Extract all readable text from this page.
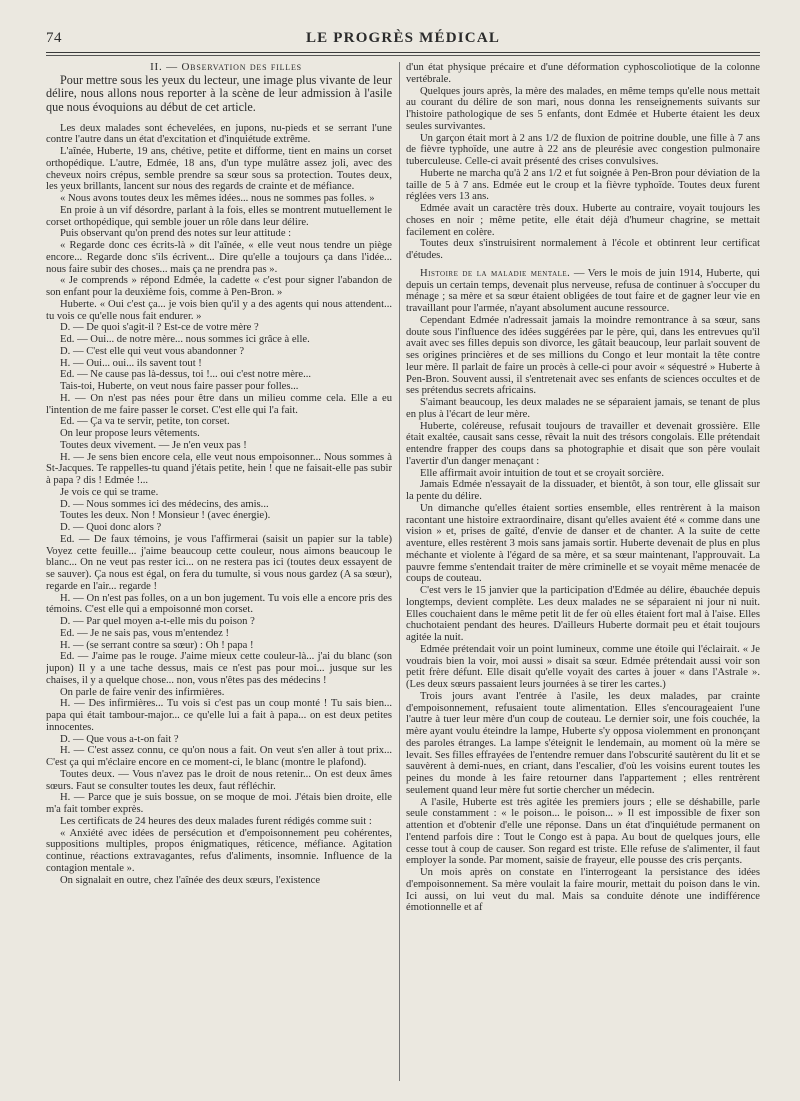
74	LE PROGRÈS MÉDICAL

II. — Observation des filles

Pour mettre sous les yeux du lecteur, une image plus vivante de leur délire, nous allons nous reporter à la scène de leur admission à l'asile que nous évoquions au début de cet article.

Les deux malades sont échevelées, en jupons, nu-pieds et se serrant l'une contre l'autre dans un état d'excitation et d'inquiétude extrême.

L'aînée, Huberte, 19 ans, chétive, petite et difforme, tient en mains un corset orthopédique. L'autre, Edmée, 18 ans, d'un type mulâtre assez joli, avec des cheveux noirs crépus, semble prendre sa sœur sous sa protection. Toutes deux, les yeux brillants, lancent sur nous des regards de crainte et de méfiance.

« Nous avons toutes deux les mêmes idées... nous ne sommes pas folles. »

En proie à un vif désordre, parlant à la fois, elles se montrent mutuellement le corset orthopédique, qui semble jouer un rôle dans leur délire.

Puis observant qu'on prend des notes sur leur attitude :

« Regarde donc ces écrits-là » dit l'aînée, « elle veut nous tendre un piège encore... Regarde donc s'ils écrivent... Dire qu'elle a toujours ça dans l'idée... nous faire subir des choses... mais ça ne prendra pas ».

« Je comprends » répond Edmée, la cadette « c'est pour signer l'abandon de son enfant pour la deuxième fois, comme à Pen-Bron. »

Huberte. « Oui c'est ça... je vois bien qu'il y a des agents qui nous attendent... tu vois ce qu'elle nous fait endurer. »

D. — De quoi s'agit-il ? Est-ce de votre mère ?

Ed. — Oui... de notre mère... nous sommes ici grâce à elle.

D. — C'est elle qui veut vous abandonner ?

H. — Oui... oui... ils savent tout !

Ed. — Ne cause pas là-dessus, toi !... oui c'est notre mère...

Tais-toi, Huberte, on veut nous faire passer pour folles...

H. — On n'est pas nées pour être dans un milieu comme cela. Elle a eu l'intention de me faire passer le corset. C'est elle qui l'a fait.

Ed. — Ça va te servir, petite, ton corset.

On leur propose leurs vêtements.

Toutes deux vivement. — Je n'en veux pas !

H. — Je sens bien encore cela, elle veut nous empoisonner... Nous sommes à St-Jacques. Te rappelles-tu quand j'étais petite, hein ! que ne faisait-elle pas subir à papa ? dis ! Edmée !...

Je vois ce qui se trame.

D. — Nous sommes ici des médecins, des amis...

Toutes les deux. Non ! Monsieur ! (avec énergie).

D. — Quoi donc alors ?

Ed. — De faux témoins, je vous l'affirmerai (saisit un papier sur la table) Voyez cette feuille... j'aime beaucoup cette couleur, nous aimons beaucoup le blanc... On ne veut pas rester ici... on ne restera pas ici (toutes deux essayent de se sauver). Ça nous est égal, on fera du tumulte, si vous nous gardez (A sa sœur), regarde en l'air... regarde !

H. — On n'est pas folles, on a un bon jugement. Tu vois elle a encore pris des témoins. C'est elle qui a empoisonné mon corset.

D. — Par quel moyen a-t-elle mis du poison ?

Ed. — Je ne sais pas, vous m'entendez !

H. — (se serrant contre sa sœur) : Oh ! papa !

Ed. — J'aime pas le rouge. J'aime mieux cette couleur-là... j'ai du blanc (son jupon) Il y a une tache dessus, mais ce n'est pas pour moi... jusque sur les chaises, il y a quelque chose... non, vous n'êtes pas des médecins !

On parle de faire venir des infirmières.

H. — Des infirmières... Tu vois si c'est pas un coup monté ! Tu sais bien... papa qui était tambour-major... ce qu'elle lui a fait à papa... on est deux petites innocentes.

D. — Que vous a-t-on fait ?

H. — C'est assez connu, ce qu'on nous a fait. On veut s'en aller à tout prix... C'est ça qui m'éclaire encore en ce moment-ci, le blanc (montre le plafond).

Toutes deux. — Vous n'avez pas le droit de nous retenir... On est deux âmes sœurs. Faut se consulter toutes les deux, faut réfléchir.

H. — Parce que je suis bossue, on se moque de moi. J'étais bien droite, elle m'a fait tomber exprès.

Les certificats de 24 heures des deux malades furent rédigés comme suit :

« Anxiété avec idées de persécution et d'empoisonnement peu cohérentes, suppositions multiples, propos énigmatiques, réticence, méfiance. Agitation continue, réactions extravagantes, refus d'aliments, insomnie. Influence de la contagion mentale ».

On signalait en outre, chez l'aînée des deux sœurs, l'existence

d'un état physique précaire et d'une déformation cyphoscoliotique de la colonne vertébrale.

Quelques jours après, la mère des malades, en même temps qu'elle nous mettait au courant du délire de son mari, nous donna les renseignements suivants sur l'histoire pathologique de ses 5 enfants, dont Edmée et Huberte étaient les deux seules survivantes.

Un garçon était mort à 2 ans 1/2 de fluxion de poitrine double, une fille à 7 ans de fièvre typhoïde, une autre à 22 ans de pleurésie avec congestion pulmonaire tuberculeuse. Celle-ci avait présenté des crises convulsives.

Huberte ne marcha qu'à 2 ans 1/2 et fut soignée à Pen-Bron pour déviation de la taille de 5 à 7 ans. Edmée eut le croup et la fièvre typhoïde. Toutes deux furent réglées vers 13 ans.

Edmée avait un caractère très doux. Huberte au contraire, voyait toujours les choses en noir ; même petite, elle était déjà d'humeur chagrine, se mettait facilement en colère.

Toutes deux s'instruisirent normalement à l'école et obtinrent leur certificat d'études.

Histoire de la maladie mentale. — Vers le mois de juin 1914, Huberte, qui depuis un certain temps, devenait plus nerveuse, refusa de continuer à s'occuper du ménage ; sa mère et sa sœur étaient obligées de tout faire et de gagner leur vie en travaillant pour l'armée, n'ayant absolument aucune ressource.

Cependant Edmée n'adressait jamais la moindre remontrance à sa sœur, sans doute sous l'influence des idées suggérées par le père, qui, dans les entrevues qu'il avait avec ses filles depuis son divorce, les gâtait beaucoup, leur parlait souvent de ses origines princières et de ses millions du Congo et leur montait la tête contre leur mère. Il parlait de faire un procès à celle-ci pour avoir « séquestré » Huberte à Pen-Bron. Souvent aussi, il s'entretenait avec ses enfants de sciences occultes et de ses prétendus secrets africains.

S'aimant beaucoup, les deux malades ne se séparaient jamais, se tenant de plus en plus à l'écart de leur mère.

Huberte, coléreuse, refusait toujours de travailler et devenait grossière. Elle était exaltée, causait sans cesse, rêvait la nuit des trésors congolais. Elle prétendait entendre frapper des coups dans sa photographie et disait que son père voulait l'avertir d'un danger menaçant :

Elle affirmait avoir intuition de tout et se croyait sorcière.

Jamais Edmée n'essayait de la dissuader, et bientôt, à son tour, elle glissait sur la pente du délire.

Un dimanche qu'elles étaient sorties ensemble, elles rentrèrent à la maison racontant une histoire extraordinaire, disant qu'elles avaient été « comme dans une vision » et, prises de gaîté, d'envie de danser et de chanter. A la suite de cette aventure, elles restèrent 3 mois sans jamais sortir. Huberte devenait de plus en plus méchante et violente à l'égard de sa mère, et sa sœur maintenant, l'approuvait. La pauvre femme s'entendait traiter de mère criminelle et se voyait même menacée de coups de couteau.

C'est vers le 15 janvier que la participation d'Edmée au délire, ébauchée depuis longtemps, devient complète. Les deux malades ne se séparaient ni jour ni nuit. Elles couchaient dans le même petit lit de fer où elles étaient fort mal à l'aise. Elles chuchotaient pendant des heures. D'ailleurs Huberte dormait peu et était toujours agitée la nuit.

Edmée prétendait voir un point lumineux, comme une étoile qui l'éclairait. « Je voudrais bien la voir, moi aussi » disait sa sœur. Edmée prétendait aussi voir son petit frère défunt. Elle disait qu'elle voyait des cartes à jouer « dans l'Astrale ». (Les deux sœurs passaient leurs journées à se tirer les cartes.)

Trois jours avant l'entrée à l'asile, les deux malades, par crainte d'empoisonnement, refusaient toute alimentation. Elles s'encourageaient l'une l'autre à tuer leur mère d'un coup de couteau. Le dernier soir, une fois couchée, la mère ayant voulu éteindre la lampe, Huberte s'y opposa violemment en prononçant des paroles étranges. La lampe s'éteignit le lendemain, au moment où la mère se levait. Ses filles effrayées de l'entendre remuer dans l'obscurité sautèrent du lit et se sauvèrent à demi-nues, en criant, dans l'escalier, d'où les voisins eurent toutes les peines du monde à les faire retourner dans l'appartement ; elles rentrèrent seulement quand leur mère fut sortie chercher un médecin.

A l'asile, Huberte est très agitée les premiers jours ; elle se déshabille, parle seule constamment : « le poison... le poison... » Il est impossible de fixer son attention et d'obtenir d'elle une réponse. Dans un état d'inquiétude permanent on l'entend parfois dire : Tout le Congo est à papa. Au bout de quelques jours, elle cesse tout à coup de causer. Son regard est triste. Elle refuse de s'alimenter, il faut employer la sonde. Par moment, saisie de frayeur, elle pousse des cris perçants.

Un mois après on constate en l'interrogeant la persistance des idées d'empoisonnement. Sa mère voulait la faire mourir, mettait du poison dans le vin. Ici aussi, on lui veut du mal. Mais sa conduite dénote une indifférence émotionnelle et af
